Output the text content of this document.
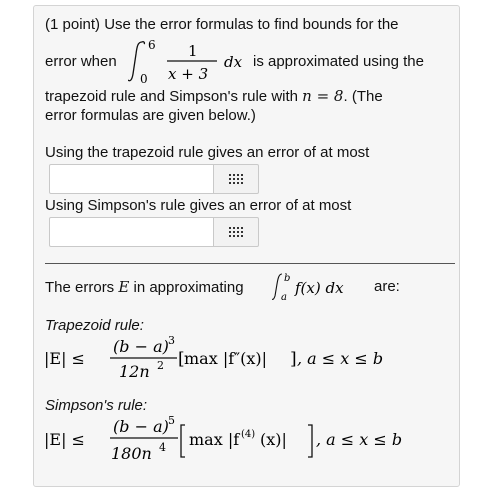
(1 point) Use the error formulas to find bounds for the
error when
6
0
1
x + 3
dx is approximated using the
trapezoid rule and Simpson's rule with n = 8. (The
error formulas are given below.)
Using the trapezoid rule gives an error of at most
Using Simpson's rule gives an error of at most
The errors E in approximating
b
a
f(x) dx are:
Trapezoid rule:
|E| ≤
(b − a) 3
12n 2 [ max |f″(x)| ] , a ≤ x ≤ b
Simpson's rule:
|E| ≤
(b − a) 5
180n 4 max |f (4) (x)| , a ≤ x ≤ b
